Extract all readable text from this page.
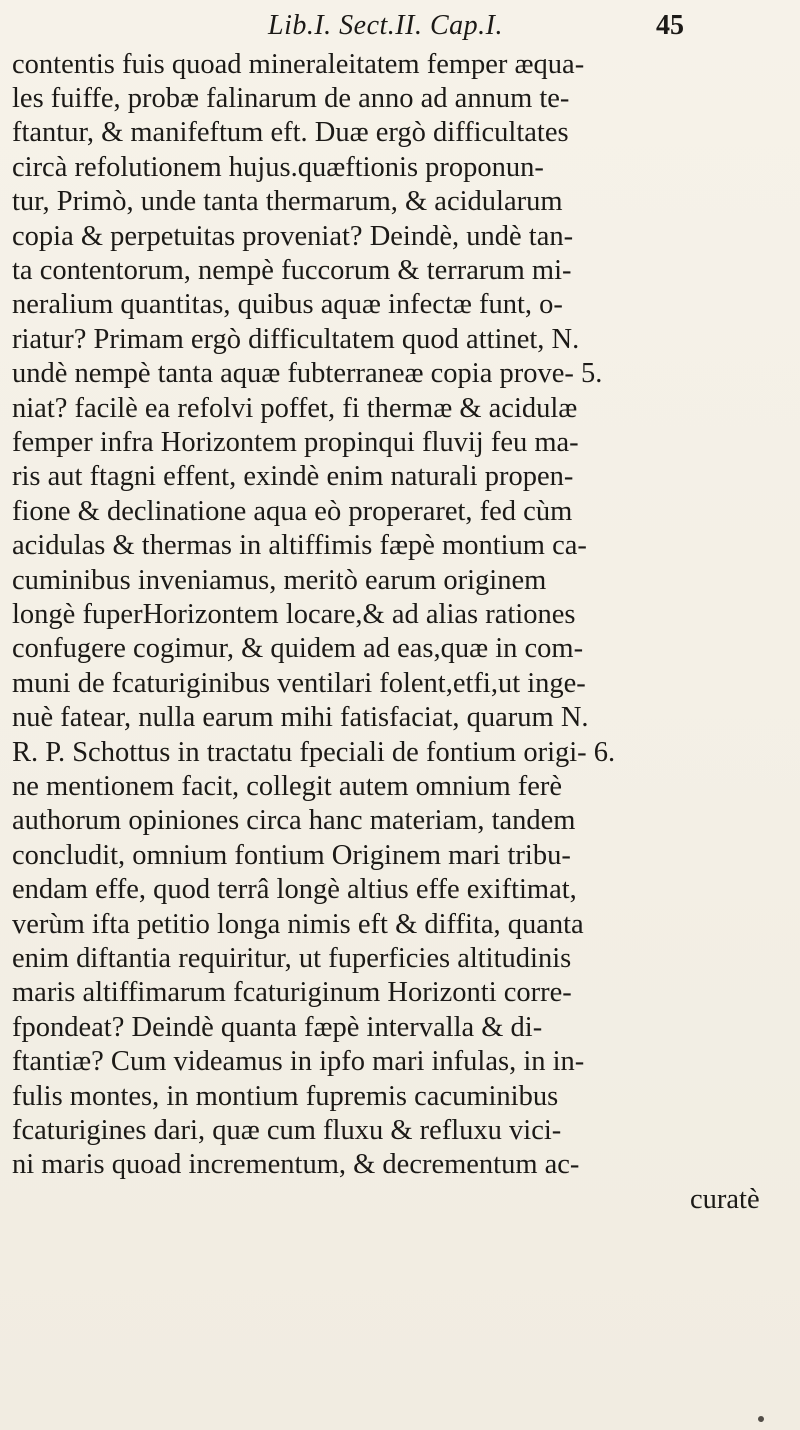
Lib.I. Sect.II. Cap.I.	45
contentis fuis quoad mineraleitatem femper æqua-
les fuiffe, probæ falinarum de anno ad annum te-
ftantur, & manifeftum eft. Duæ ergò difficultates
circà refolutionem hujus.quæftionis proponun-
tur, Primò, unde tanta thermarum, & acidularum
copia & perpetuitas proveniat? Deindè, undè tan-
ta contentorum, nempè fuccorum & terrarum mi-
neralium quantitas, quibus aquæ infectæ funt, o-
riatur? Primam ergò difficultatem quod attinet, N.
undè nempè tanta aquæ fubterraneæ copia prove- 5.
niat? facilè ea refolvi poffet, fi thermæ & acidulæ
femper infra Horizontem propinqui fluvij feu ma-
ris aut ftagni effent, exindè enim naturali propen-
fione & declinatione aqua eò properaret, fed cùm
acidulas & thermas in altiffimis fæpè montium ca-
cuminibus inveniamus, meritò earum originem
longè fuperHorizontem locare,& ad alias rationes
confugere cogimur, & quidem ad eas,quæ in com-
muni de fcaturiginibus ventilari folent,etfi,ut inge-
nuè fatear, nulla earum mihi fatisfaciat, quarum N.
R. P. Schottus in tractatu fpeciali de fontium origi- 6.
ne mentionem facit, collegit autem omnium ferè
authorum opiniones circa hanc materiam, tandem
concludit, omnium fontium Originem mari tribu-
endam effe, quod terrâ longè altius effe exiftimat,
verùm ifta petitio longa nimis eft & diffita, quanta
enim diftantia requiritur, ut fuperficies altitudinis
maris altiffimarum fcaturiginum Horizonti corre-
fpondeat? Deindè quanta fæpè intervalla & di-
ftantiæ? Cum videamus in ipfo mari infulas, in in-
fulis montes, in montium fupremis cacuminibus
fcaturigines dari, quæ cum fluxu & refluxu vici-
ni maris quoad incrementum, & decrementum ac-
curatè
